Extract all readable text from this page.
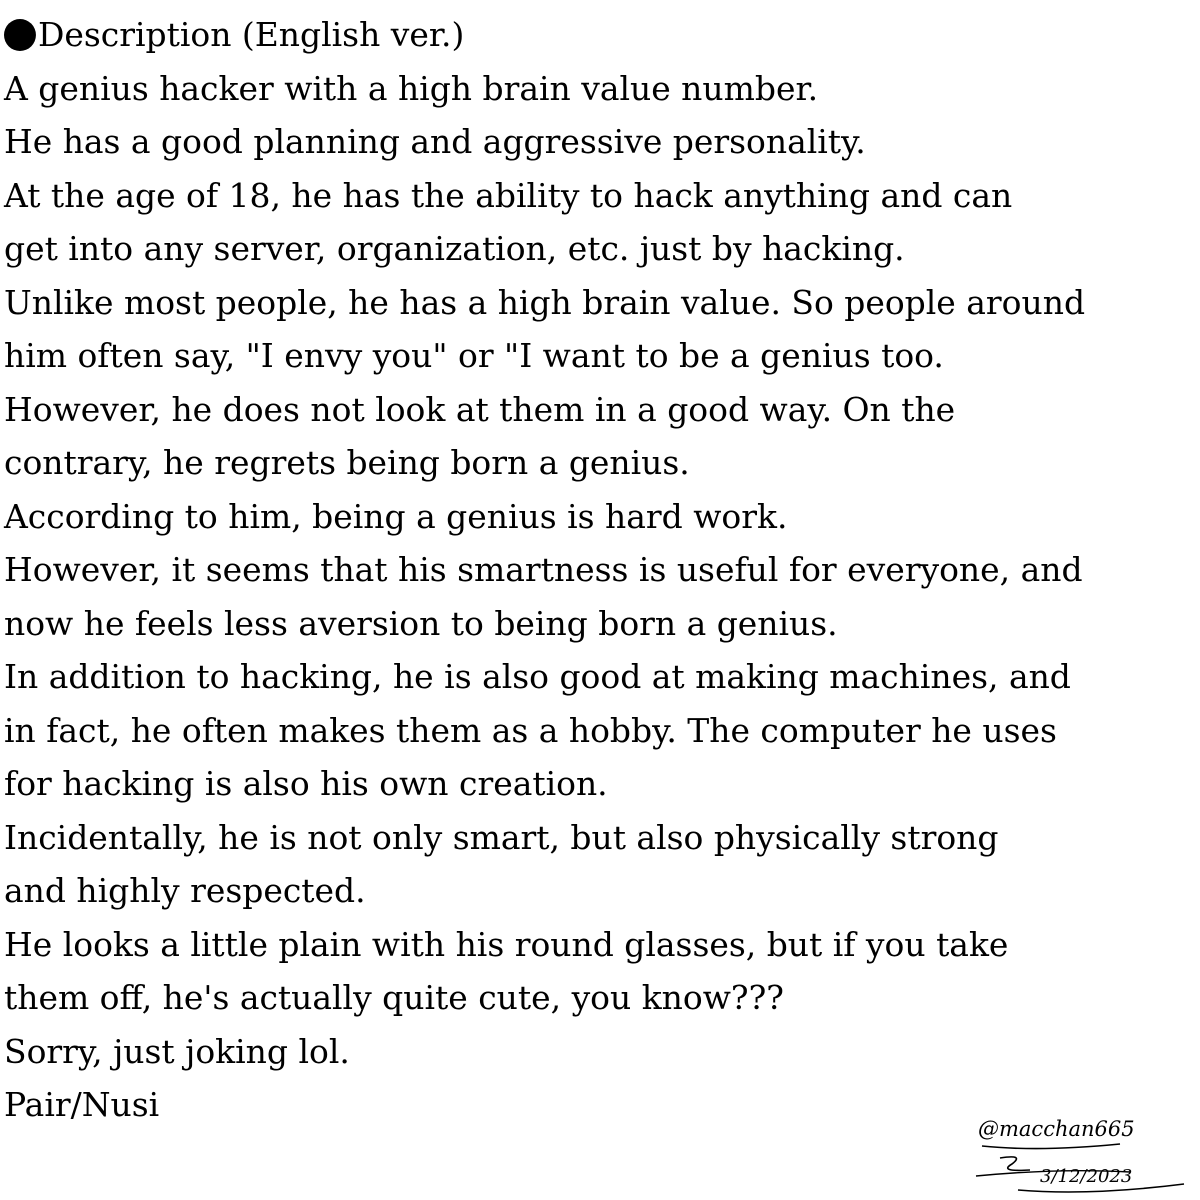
Description (English ver.)
A genius hacker with a high brain value number.
He has a good planning and aggressive personality.
At the age of 18, he has the ability to hack anything and can
get into any server, organization, etc. just by hacking.
Unlike most people, he has a high brain value. So people around
him often say, "I envy you" or "I want to be a genius too.
However, he does not look at them in a good way. On the
contrary, he regrets being born a genius.
According to him, being a genius is hard work.
However, it seems that his smartness is useful for everyone, and
now he feels less aversion to being born a genius.
In addition to hacking, he is also good at making machines, and
in fact, he often makes them as a hobby. The computer he uses
for hacking is also his own creation.
Incidentally, he is not only smart, but also physically strong
and highly respected.
He looks a little plain with his round glasses, but if you take
them off, he's actually quite cute, you know???
Sorry, just joking lol.
Pair/Nusi
@macchan665
3/12/2023
